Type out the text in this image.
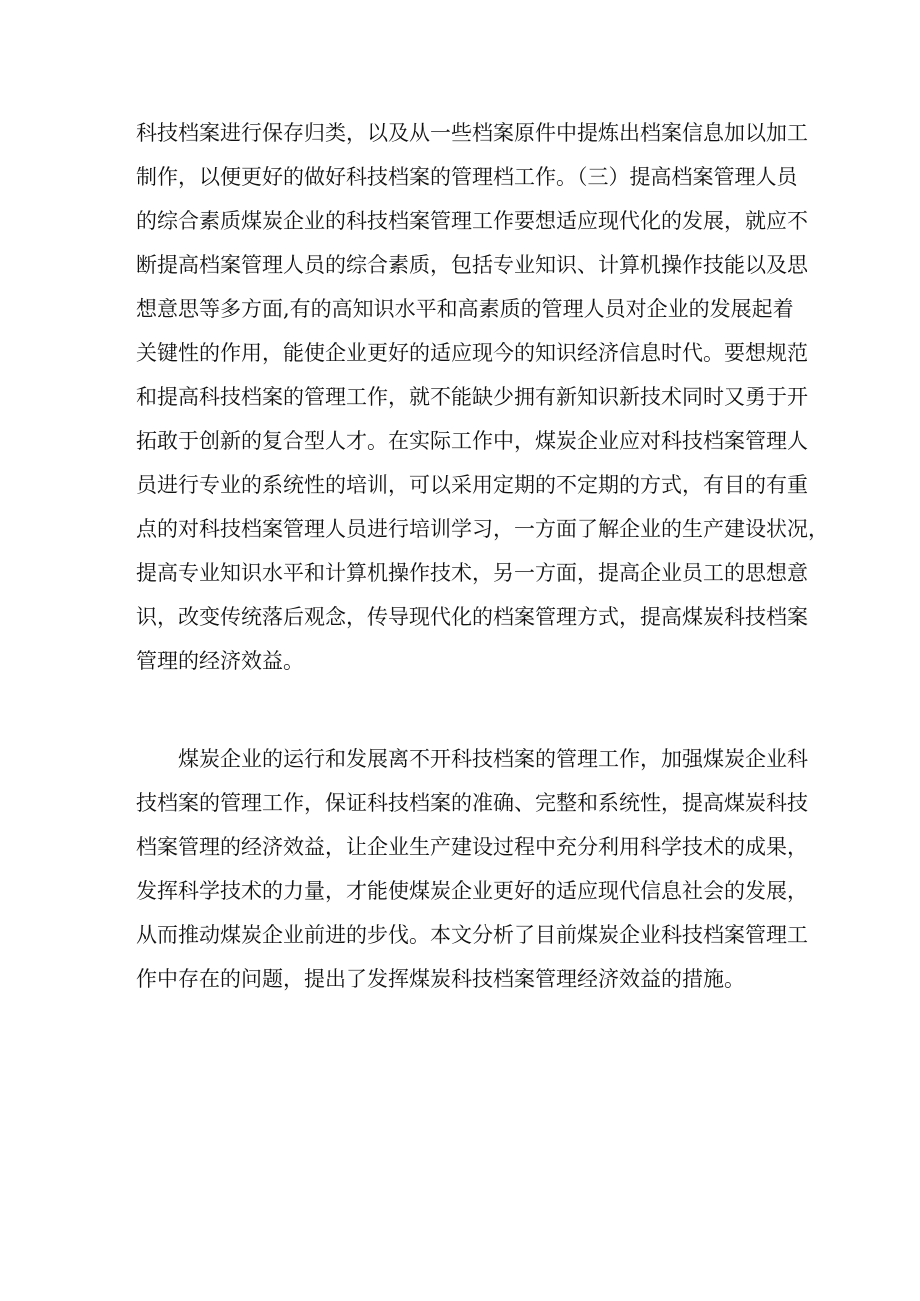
科技档案进行保存归类，以及从一些档案原件中提炼出档案信息加以加工
制作，以便更好的做好科技档案的管理档工作。（三）提高档案管理人员
的综合素质煤炭企业的科技档案管理工作要想适应现代化的发展，就应不
断提高档案管理人员的综合素质，包括专业知识、计算机操作技能以及思
想意思等多方面,有的高知识水平和高素质的管理人员对企业的发展起着
关键性的作用，能使企业更好的适应现今的知识经济信息时代。要想规范
和提高科技档案的管理工作，就不能缺少拥有新知识新技术同时又勇于开
拓敢于创新的复合型人才。在实际工作中，煤炭企业应对科技档案管理人
员进行专业的系统性的培训，可以采用定期的不定期的方式，有目的有重
点的对科技档案管理人员进行培训学习，一方面了解企业的生产建设状况，
提高专业知识水平和计算机操作技术，另一方面，提高企业员工的思想意
识，改变传统落后观念，传导现代化的档案管理方式，提高煤炭科技档案
管理的经济效益。
煤炭企业的运行和发展离不开科技档案的管理工作，加强煤炭企业科
技档案的管理工作，保证科技档案的准确、完整和系统性，提高煤炭科技
档案管理的经济效益，让企业生产建设过程中充分利用科学技术的成果，
发挥科学技术的力量，才能使煤炭企业更好的适应现代信息社会的发展，
从而推动煤炭企业前进的步伐。本文分析了目前煤炭企业科技档案管理工
作中存在的问题，提出了发挥煤炭科技档案管理经济效益的措施。
